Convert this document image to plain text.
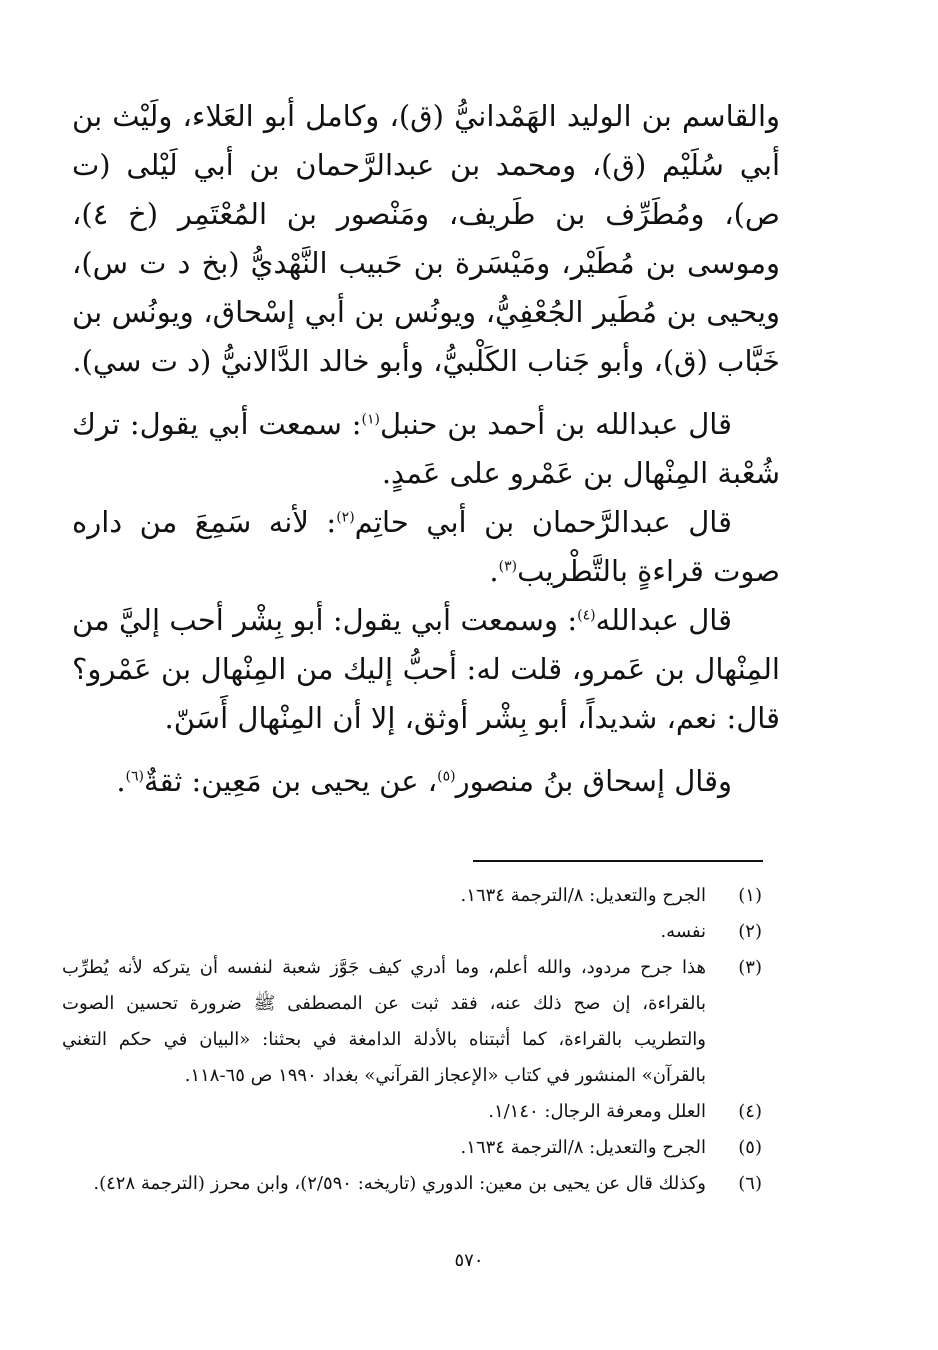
والقاسم بن الوليد الهَمْدانيُّ (ق)، وكامل أبو العَلاء، ولَيْث بن أبي سُلَيْم (ق)، ومحمد بن عبدالرَّحمان بن أبي لَيْلى (ت ص)، ومُطَرِّف بن طَريف، ومَنْصور بن المُعْتَمِر (خ ٤)، وموسى بن مُطَيْر، ومَيْسَرة بن حَبيب النَّهْديُّ (بخ د ت س)، ويحيى بن مُطَير الجُعْفِيُّ، ويونُس بن أبي إسْحاق، ويونُس بن خَبَّاب (ق)، وأبو جَناب الكَلْبيُّ، وأبو خالد الدَّالانيُّ (د ت سي).

قال عبدالله بن أحمد بن حنبل$^{(١)}$: سمعت أبي يقول: ترك شُعْبة المِنْهال بن عَمْرو على عَمدٍ.

قال عبدالرَّحمان بن أبي حاتِم$^{(٢)}$: لأنه سَمِعَ من داره صوت قراءةٍ بالتَّطْريب$^{(٣)}$.

قال عبدالله$^{(٤)}$: وسمعت أبي يقول: أبو بِشْر أحب إليَّ من المِنْهال بن عَمرو، قلت له: أحبُّ إليك من المِنْهال بن عَمْرو؟ قال: نعم، شديداً، أبو بِشْر أوثق، إلا أن المِنْهال أَسَنّ.

وقال إسحاق بنُ منصور$^{(٥)}$، عن يحيى بن مَعِين: ثقةٌ$^{(٦)}$.

(١)
الجرح والتعديل: ٨/الترجمة ١٦٣٤.
(٢)
نفسه.
(٣)
هذا جرح مردود، والله أعلم، وما أدري كيف جَوَّز شعبة لنفسه أن يتركه لأنه يُطرِّب بالقراءة، إن صح ذلك عنه، فقد ثبت عن المصطفى ﷺ ضرورة تحسين الصوت والتطريب بالقراءة، كما أثبتناه بالأدلة الدامغة في بحثنا: «البيان في حكم التغني بالقرآن» المنشور في كتاب «الإعجاز القرآني» بغداد ١٩٩٠ ص ٦٥-١١٨.
(٤)
العلل ومعرفة الرجال: ١/١٤٠.
(٥)
الجرح والتعديل: ٨/الترجمة ١٦٣٤.
(٦)
وكذلك قال عن يحيى بن معين: الدوري (تاريخه: ٢/٥٩٠)، وابن محرز (الترجمة ٤٢٨).
٥٧٠
